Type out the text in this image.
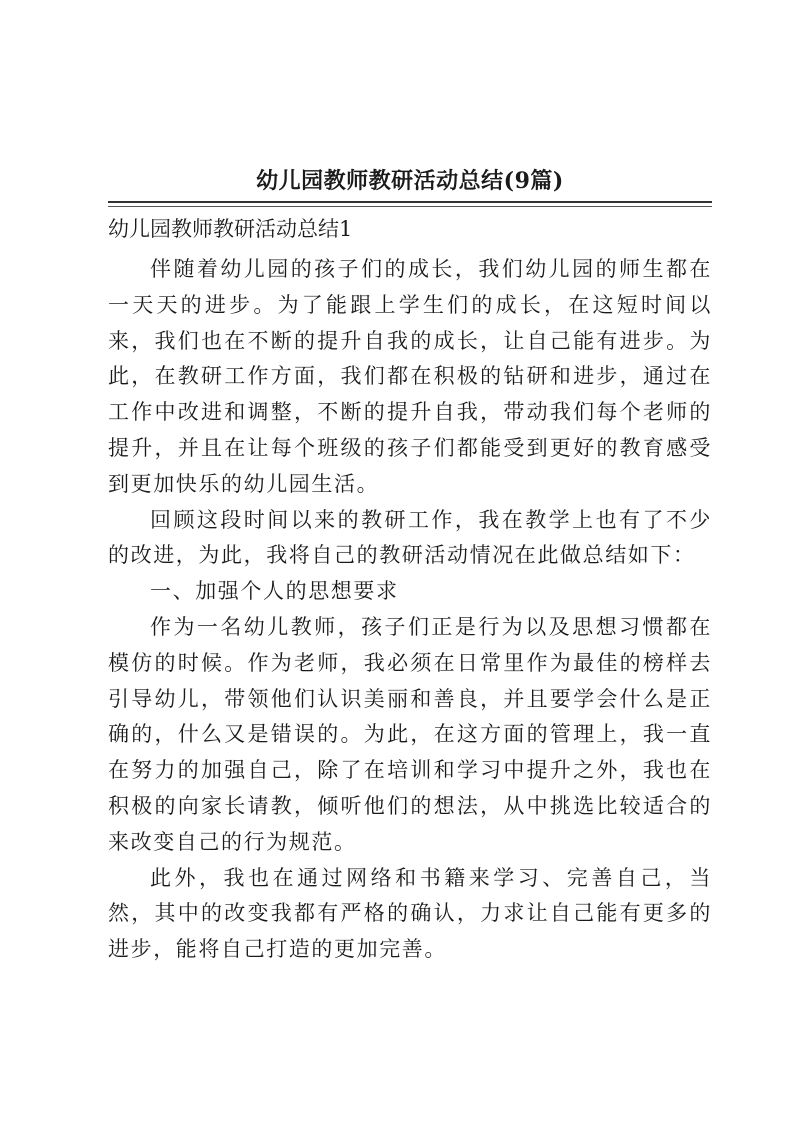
幼儿园教师教研活动总结(9篇)
幼儿园教师教研活动总结1

伴随着幼儿园的孩子们的成长，我们幼儿园的师生都在一天天的进步。为了能跟上学生们的成长，在这短时间以来，我们也在不断的提升自我的成长，让自己能有进步。为此，在教研工作方面，我们都在积极的钻研和进步，通过在工作中改进和调整，不断的提升自我，带动我们每个老师的提升，并且在让每个班级的孩子们都能受到更好的教育感受到更加快乐的幼儿园生活。

回顾这段时间以来的教研工作，我在教学上也有了不少的改进，为此，我将自己的教研活动情况在此做总结如下：

一、加强个人的思想要求

作为一名幼儿教师，孩子们正是行为以及思想习惯都在模仿的时候。作为老师，我必须在日常里作为最佳的榜样去引导幼儿，带领他们认识美丽和善良，并且要学会什么是正确的，什么又是错误的。为此，在这方面的管理上，我一直在努力的加强自己，除了在培训和学习中提升之外，我也在积极的向家长请教，倾听他们的想法，从中挑选比较适合的来改变自己的行为规范。

此外，我也在通过网络和书籍来学习、完善自己，当然，其中的改变我都有严格的确认，力求让自己能有更多的进步，能将自己打造的更加完善。
